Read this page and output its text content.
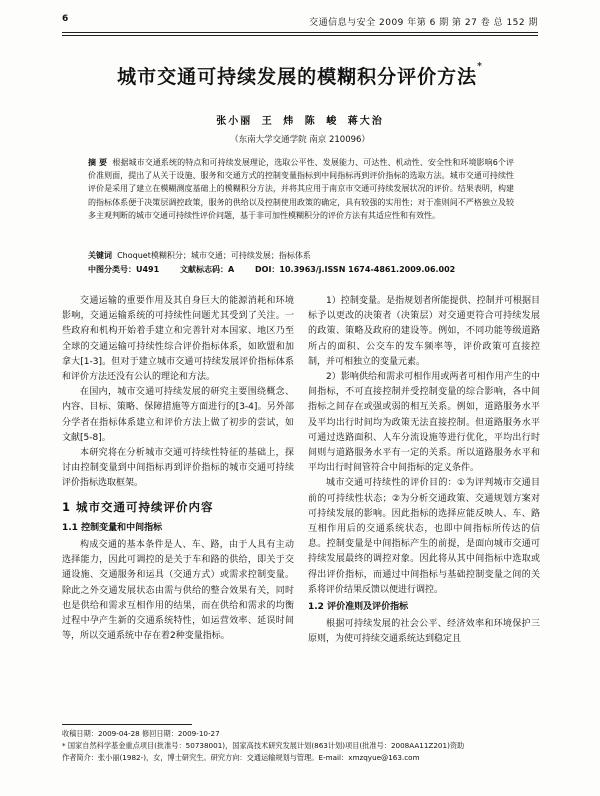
6	交通信息与安全 2009 年第 6 期 第 27 卷 总 152 期
城市交通可持续发展的模糊积分评价方法*
张小丽 王 炜 陈 峻 蒋大治
（东南大学交通学院 南京 210096）
摘 要 根据城市交通系统的特点和可持续发展理论，选取公平性、发展能力、可达性、机动性、安全性和环境影响6个评价准则面，提出了从关于设施、服务和交通方式的控制变量指标到中间指标再到评价指标的选取方法。城市交通可持续性评价是采用了建立在模糊测度基础上的模糊积分方法，并将其应用于南京市交通可持续发展状况的评价。结果表明，构建的指标体系便于决策层调控政策，服务的供给以及控制使用政策的确定，具有较强的实用性；对于准则间不严格独立及较多主观判断的城市交通可持续性评价问题，基于非可加性模糊积分的评价方法有其适应性和有效性。
关键词 Choquet模糊积分；城市交通；可持续发展；指标体系
中图分类号：U491	文献标志码：A	DOI：10.3963/j.ISSN 1674-4861.2009.06.002

交通运输的重要作用及其自身巨大的能源消耗和环境影响，交通运输系统的可持续性问题尤其受到了关注。一些政府和机构开始着手建立和完善针对本国家、地区乃至全球的交通运输可持续性综合评价指标体系，如欧盟和加拿大[1-3]。但对于建立城市交通可持续发展评价指标体系和评价方法还没有公认的理论和方法。

在国内，城市交通可持续发展的研究主要围绕概念、内容、目标、策略、保障措施等方面进行的[3-4]。另外部分学者在指标体系建立和评价方法上做了初步的尝试，如文献[5-8]。

本研究将在分析城市交通可持续性特征的基础上，探讨由控制变量到中间指标再到评价指标的城市交通可持续评价指标选取框架。

1 城市交通可持续评价内容
1.1 控制变量和中间指标

构成交通的基本条件是人、车、路，由于人具有主动选择能力，因此可调控的是关于车和路的供给，即关于交通设施、交通服务和运具（交通方式）或需求控制变量。除此之外交通发展状态由需与供给的整合效果有关，同时也是供给和需求互相作用的结果，而在供给和需求的均衡过程中孕产生新的交通系统特性，如运营效率、延误时间等，所以交通系统中存在着2种变量指标。

1）控制变量。是指规划者所能提供、控制并可根据目标予以更改的决策者（决策层）对交通更符合可持续发展的政策、策略及政府的建设等。例如，不同功能等级道路所占的面积、公交车的发车频率等，评价政策可直接控制，并可相独立的变量元素。

2）影响供给和需求可相作用或两者可相作用产生的中间指标，不可直接控制并受控制变量的综合影响，各中间指标之间存在或强或弱的相互关系。例如，道路服务水平及平均出行时间均为政策无法直接控制。但道路服务水平可通过选路面积、人车分流设施等进行优化，平均出行时间则与道路服务水平有一定的关系。所以道路服务水平和平均出行时间管符合中间指标的定义条件。

城市交通可持续性的评价目的：①为评判城市交通目前的可持续性状态；②为分析交通政策、交通规划方案对可持续发展的影响。因此指标的选择应能反映人、车、路互相作用后的交通系统状态，也即中间指标所传达的信息。控制变量是中间指标产生的前提，是面向城市交通可持续发展最终的调控对象。因此将从其中间指标中选取或得出评价指标，而通过中间指标与基础控制变量之间的关系将评价结果反馈以便进行调控。

1.2 评价准则及评价指标

根据可持续发展的社会公平、经济效率和环境保护三原则，为使可持续交通系统达到稳定且

收稿日期：2009-04-28 修回日期：2009-10-27
* 国家自然科学基金重点项目(批准号：50738001)，国家高技术研究发展计划(863计划)项目(批准号：2008AA11Z201)资助
作者简介：张小丽(1982-)，女，博士研究生。研究方向：交通运输规划与管理。E-mail：xmzqyue@163.com
